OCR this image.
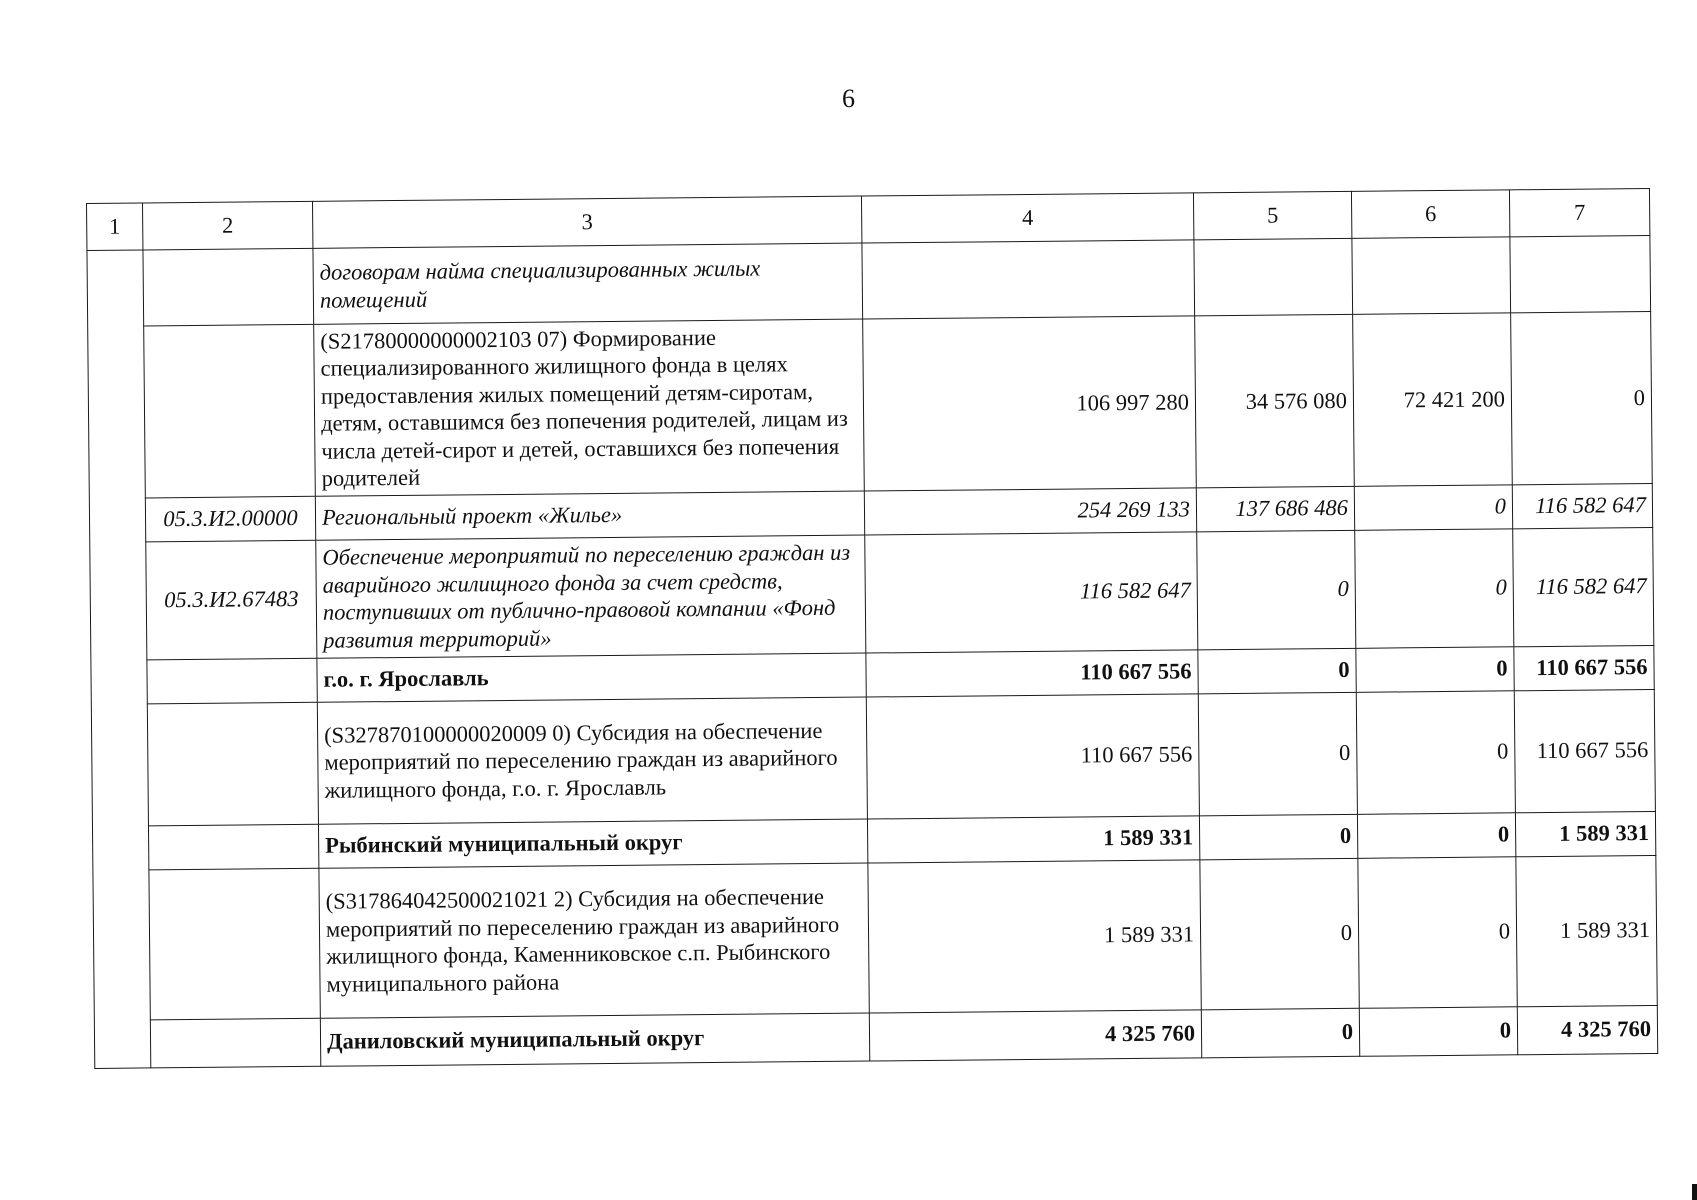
6
1	2	3	4	5	6	7
		договорам найма специализированных жилых помещений				
		(S21780000000002103 07) Формирование специализированного жилищного фонда в целях предоставления жилых помещений детям-сиротам, детям, оставшимся без попечения родителей, лицам из числа детей-сирот и детей, оставшихся без попечения родителей	106 997 280	34 576 080	72 421 200	0
	05.3.И2.00000	Региональный проект «Жилье»	254 269 133	137 686 486	0	116 582 647
	05.3.И2.67483	Обеспечение мероприятий по переселению граждан из аварийного жилищного фонда за счет средств, поступивших от публично-правовой компании «Фонд развития территорий»	116 582 647	0	0	116 582 647
		г.о. г. Ярославль	110 667 556	0	0	110 667 556
		(S327870100000020009 0) Субсидия на обеспечение мероприятий по переселению граждан из аварийного жилищного фонда, г.о. г. Ярославль	110 667 556	0	0	110 667 556
		Рыбинский муниципальный округ	1 589 331	0	0	1 589 331
		(S317864042500021021 2) Субсидия на обеспечение мероприятий по переселению граждан из аварийного жилищного фонда, Каменниковское с.п. Рыбинского муниципального района	1 589 331	0	0	1 589 331
		Даниловский муниципальный округ	4 325 760	0	0	4 325 760
